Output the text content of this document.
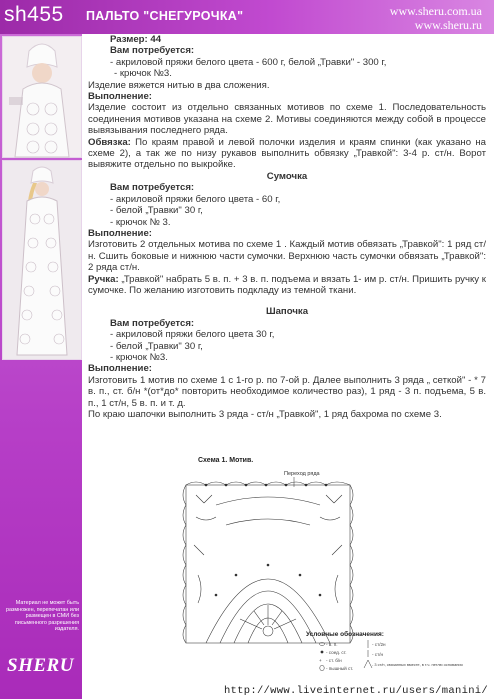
sh455 ПАЛЬТО "СНЕГУРОЧКА"	www.sheru.com.ua
www.sheru.ru
Материал не может быть размножен, перепечатан или размещен в СМИ без письменного разрешения издателя.
SHERU

Размер: 44

Вам потребуется:

- акриловой пряжи белого цвета - 600 г, белой „Травки" - 300 г,

- крючок №3.

Изделие вяжется нитью в два сложения.

Выполнение:

Изделие состоит из отдельно связанных мотивов по схеме 1. Последовательность соединения мотивов указана на схеме 2. Мотивы соединяются между собой в процессе вывязывания последнего ряда.

Обвязка: По краям правой и левой полочки изделия и краям спинки (как указано на схеме 2), а так же по низу рукавов выполнить обвязку „Травкой": 3-4 р. ст/н. Ворот вывяжите отдельно по выкройке.

Сумочка

Вам потребуется:

- акриловой пряжи белого цвета - 60 г,

- белой „Травки" 30 г,

- крючок № 3.

Выполнение:

Изготовить 2 отдельных мотива по схеме 1 . Каждый мотив обвязать „Травкой": 1 ряд ст/н. Сшить боковые и нижнюю части сумочки. Верхнюю часть сумочки обвязать „Травкой": 2 ряда ст/н.

Ручка: „Травкой" набрать 5 в. п. + 3 в. п. подъема и вязать 1- им р. ст/н. Пришить ручку к сумочке. По желанию изготовить подкладу из темной ткани.

Шапочка

Вам потребуется:

- акриловой пряжи белого цвета 30 г,

- белой „Травки" 30 г,

- крючок №3.

Выполнение:

Изготовить 1 мотив по схеме 1 с 1-го р. по 7-ой р. Далее выполнить 3 ряда „ сеткой" - * 7 в. п., ст. б/н *(от*до* повторить необходимое количество раз), 1 ряд - 3 п. подъема, 5 в. п., 1 ст/н, 5 в. п. и т. д.

По краю шапочки выполнить 3 ряда - ст/н „Травкой", 1 ряд бахрома по схеме 3.

Схема 1. Мотив.
Переход ряда
Условные обозначения:
- в. п.
- соед. ст.
+ - ст. б/н
- пышный ст.
- ст/2н
- ст/н
- 3 ст/н, связанных вместе, в т.ч. петлю основания
http://www.liveinternet.ru/users/manini/
